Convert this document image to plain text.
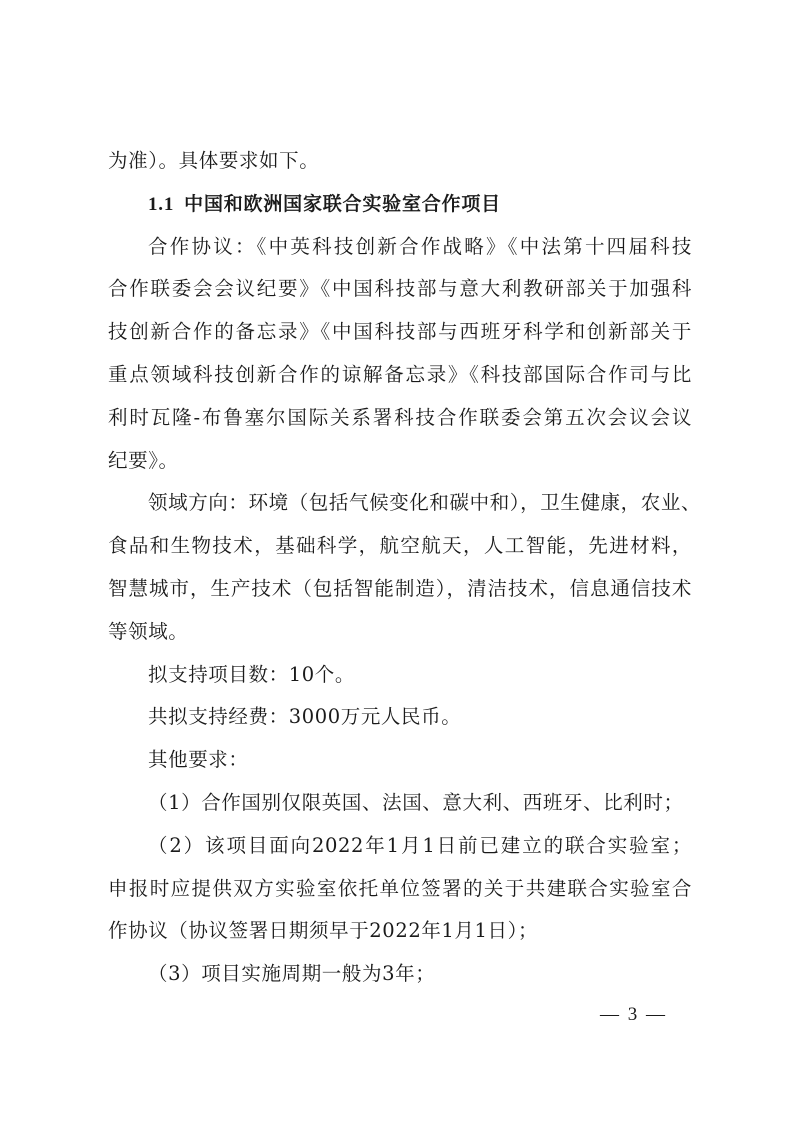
为准）。具体要求如下。
1.1 中国和欧洲国家联合实验室合作项目
合作协议：《中英科技创新合作战略》《中法第十四届科技
合作联委会会议纪要》《中国科技部与意大利教研部关于加强科
技创新合作的备忘录》《中国科技部与西班牙科学和创新部关于
重点领域科技创新合作的谅解备忘录》《科技部国际合作司与比
利时瓦隆-布鲁塞尔国际关系署科技合作联委会第五次会议会议
纪要》。
领域方向：环境（包括气候变化和碳中和），卫生健康，农业、
食品和生物技术，基础科学，航空航天，人工智能，先进材料，
智慧城市，生产技术（包括智能制造），清洁技术，信息通信技术
等领域。
拟支持项目数：10个。
共拟支持经费：3000万元人民币。
其他要求：
（1）合作国别仅限英国、法国、意大利、西班牙、比利时；
（2）该项目面向2022年1月1日前已建立的联合实验室；
申报时应提供双方实验室依托单位签署的关于共建联合实验室合
作协议（协议签署日期须早于2022年1月1日）；
（3）项目实施周期一般为3年；
— 3 —
